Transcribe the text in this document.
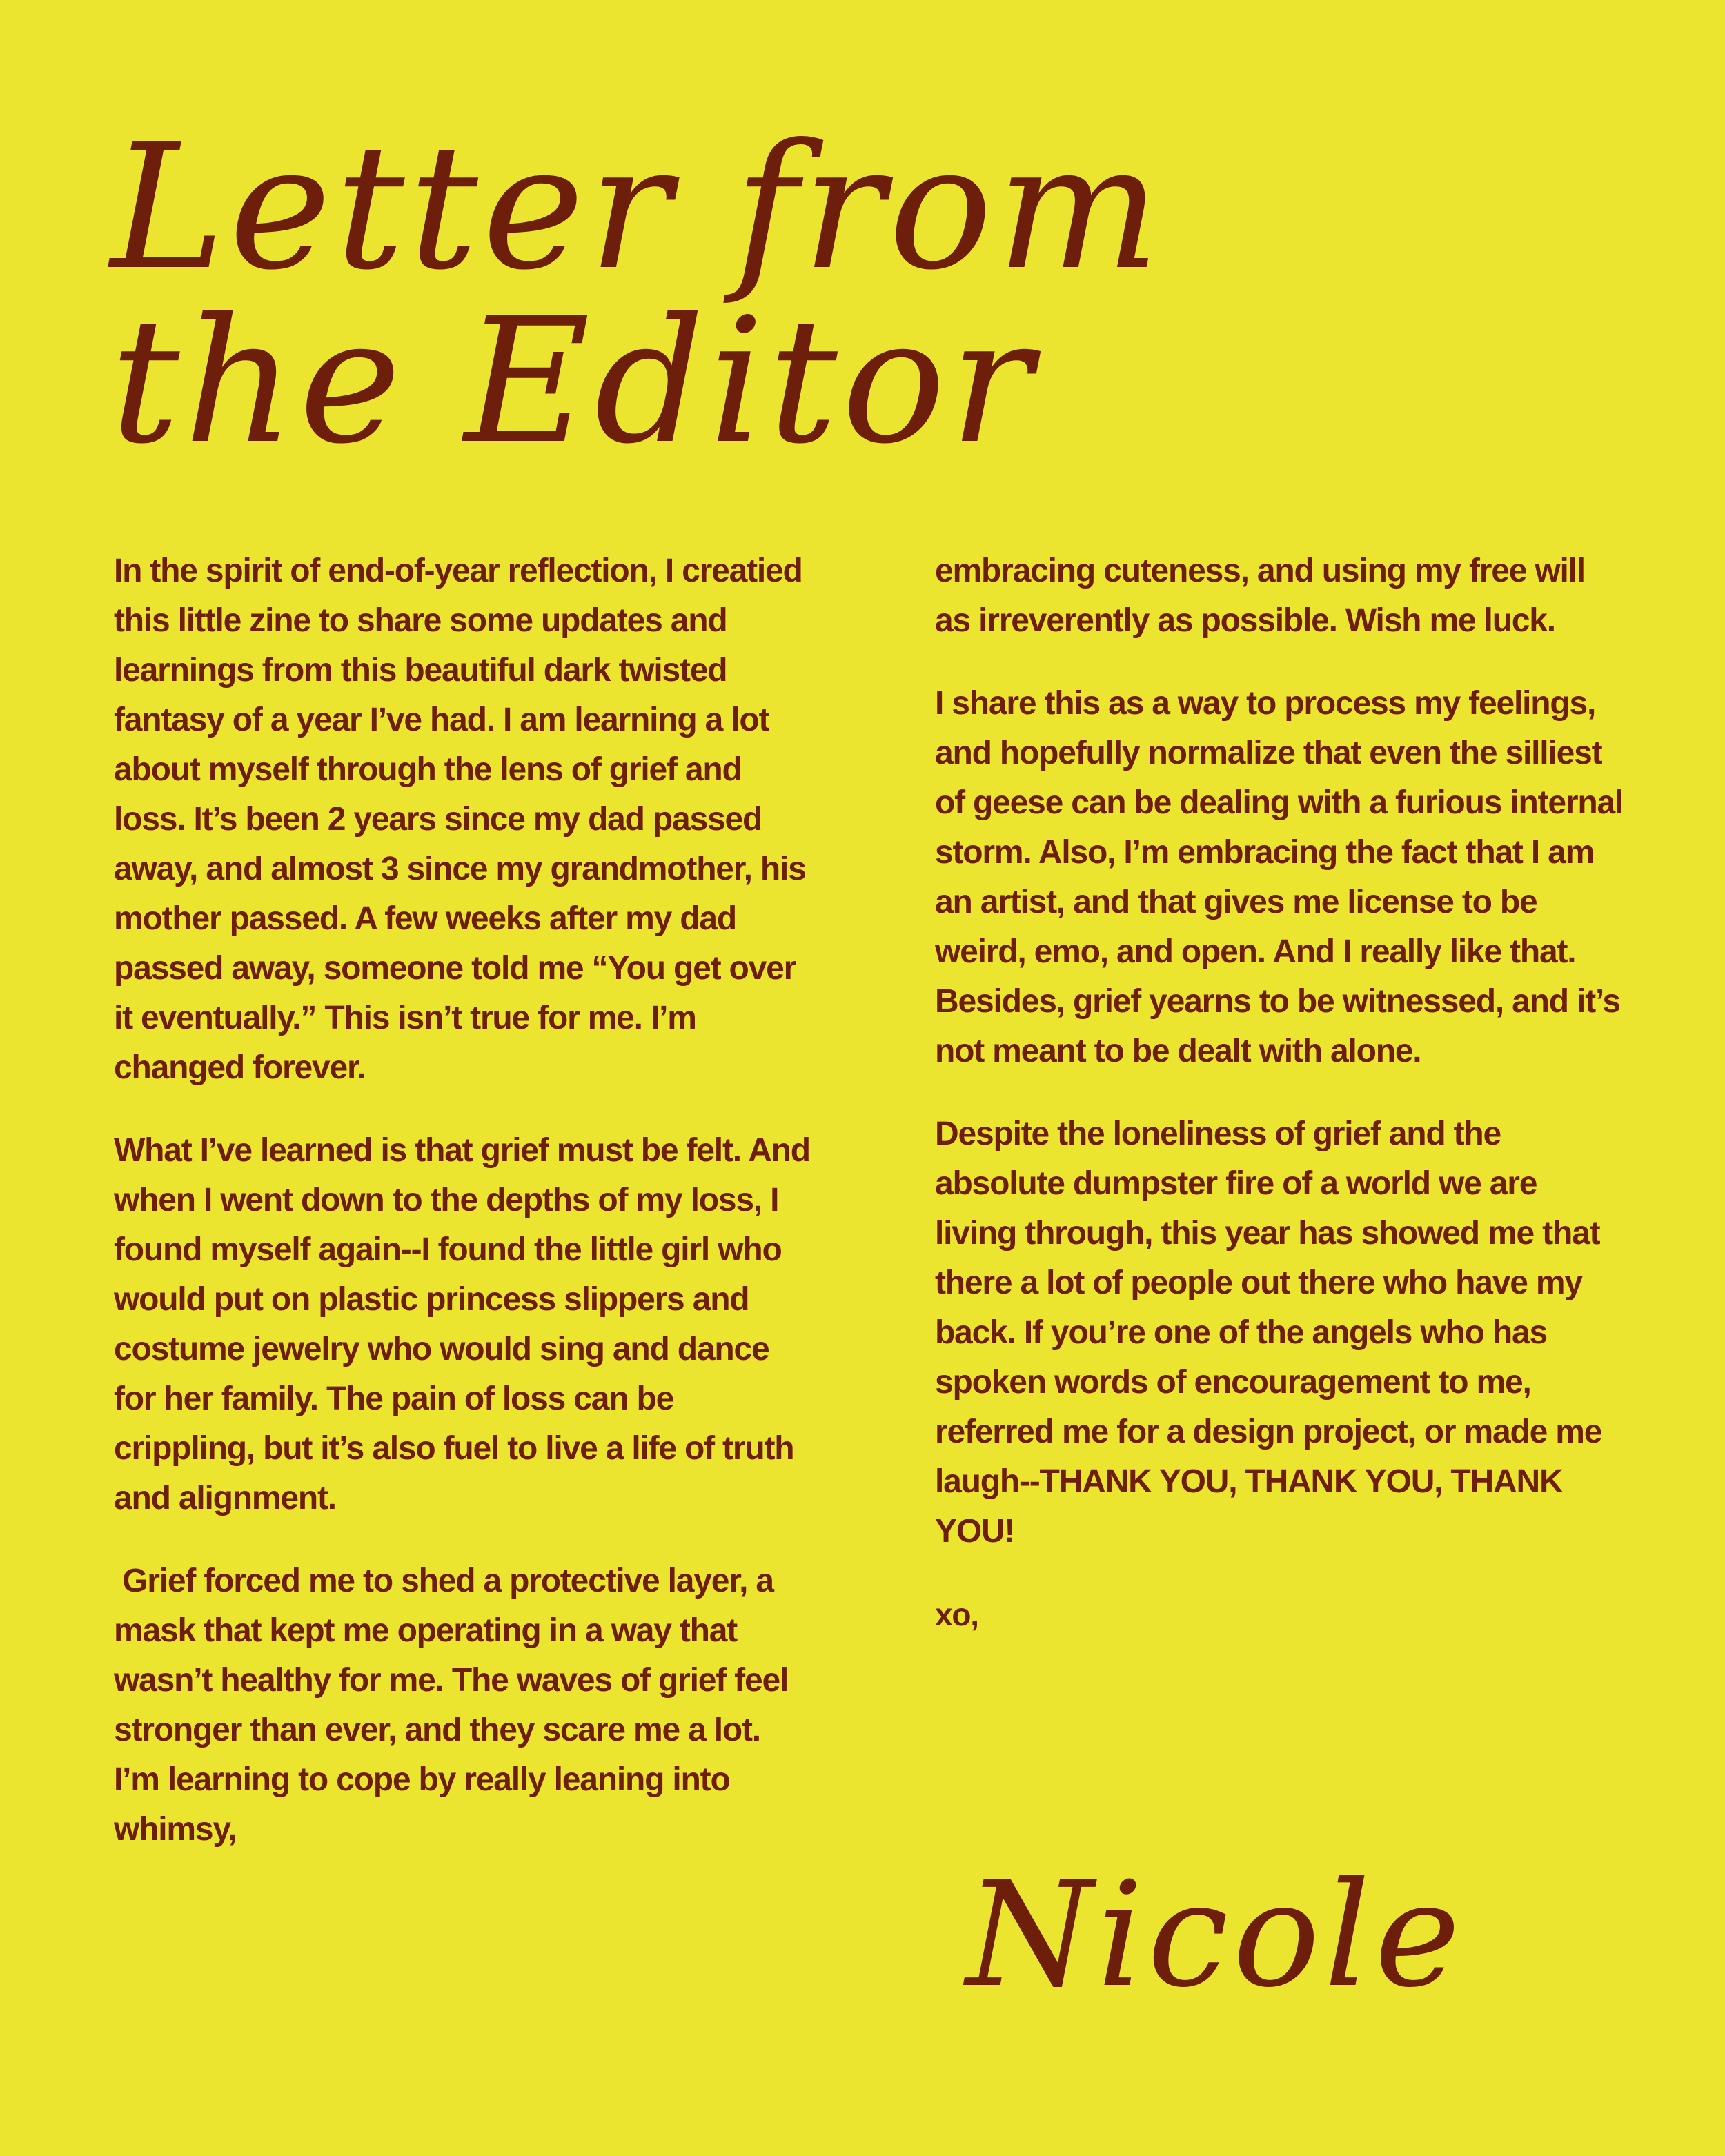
Letter from
the Editor

In the spirit of end-of-year reflection, I creatied this little zine to share some updates and learnings from this beautiful dark twisted fantasy of a year I’ve had. I am learning a lot about myself through the lens of grief and loss. It’s been 2 years since my dad passed away, and almost 3 since my grandmother, his mother passed. A few weeks after my dad passed away, someone told me “You get over it eventually.” This isn’t true for me. I’m changed forever.

What I’ve learned is that grief must be felt. And when I went down to the depths of my loss, I found myself again--I found the little girl who would put on plastic princess slippers and costume jewelry who would sing and dance for her family. The pain of loss can be crippling, but it’s also fuel to live a life of truth and alignment.

Grief forced me to shed a protective layer, a mask that kept me operating in a way that wasn’t healthy for me. The waves of grief feel stronger than ever, and they scare me a lot. I’m learning to cope by really leaning into whimsy,

embracing cuteness, and using my free will as irreverently as possible. Wish me luck.

I share this as a way to process my feelings, and hopefully normalize that even the silliest of geese can be dealing with a furious internal storm. Also, I’m embracing the fact that I am an artist, and that gives me license to be weird, emo, and open. And I really like that. Besides, grief yearns to be witnessed, and it’s not meant to be dealt with alone.

Despite the loneliness of grief and the absolute dumpster fire of a world we are living through, this year has showed me that there a lot of people out there who have my back. If you’re one of the angels who has spoken words of encouragement to me, referred me for a design project, or made me laugh--THANK YOU, THANK YOU, THANK YOU!

xo,

Nicole
